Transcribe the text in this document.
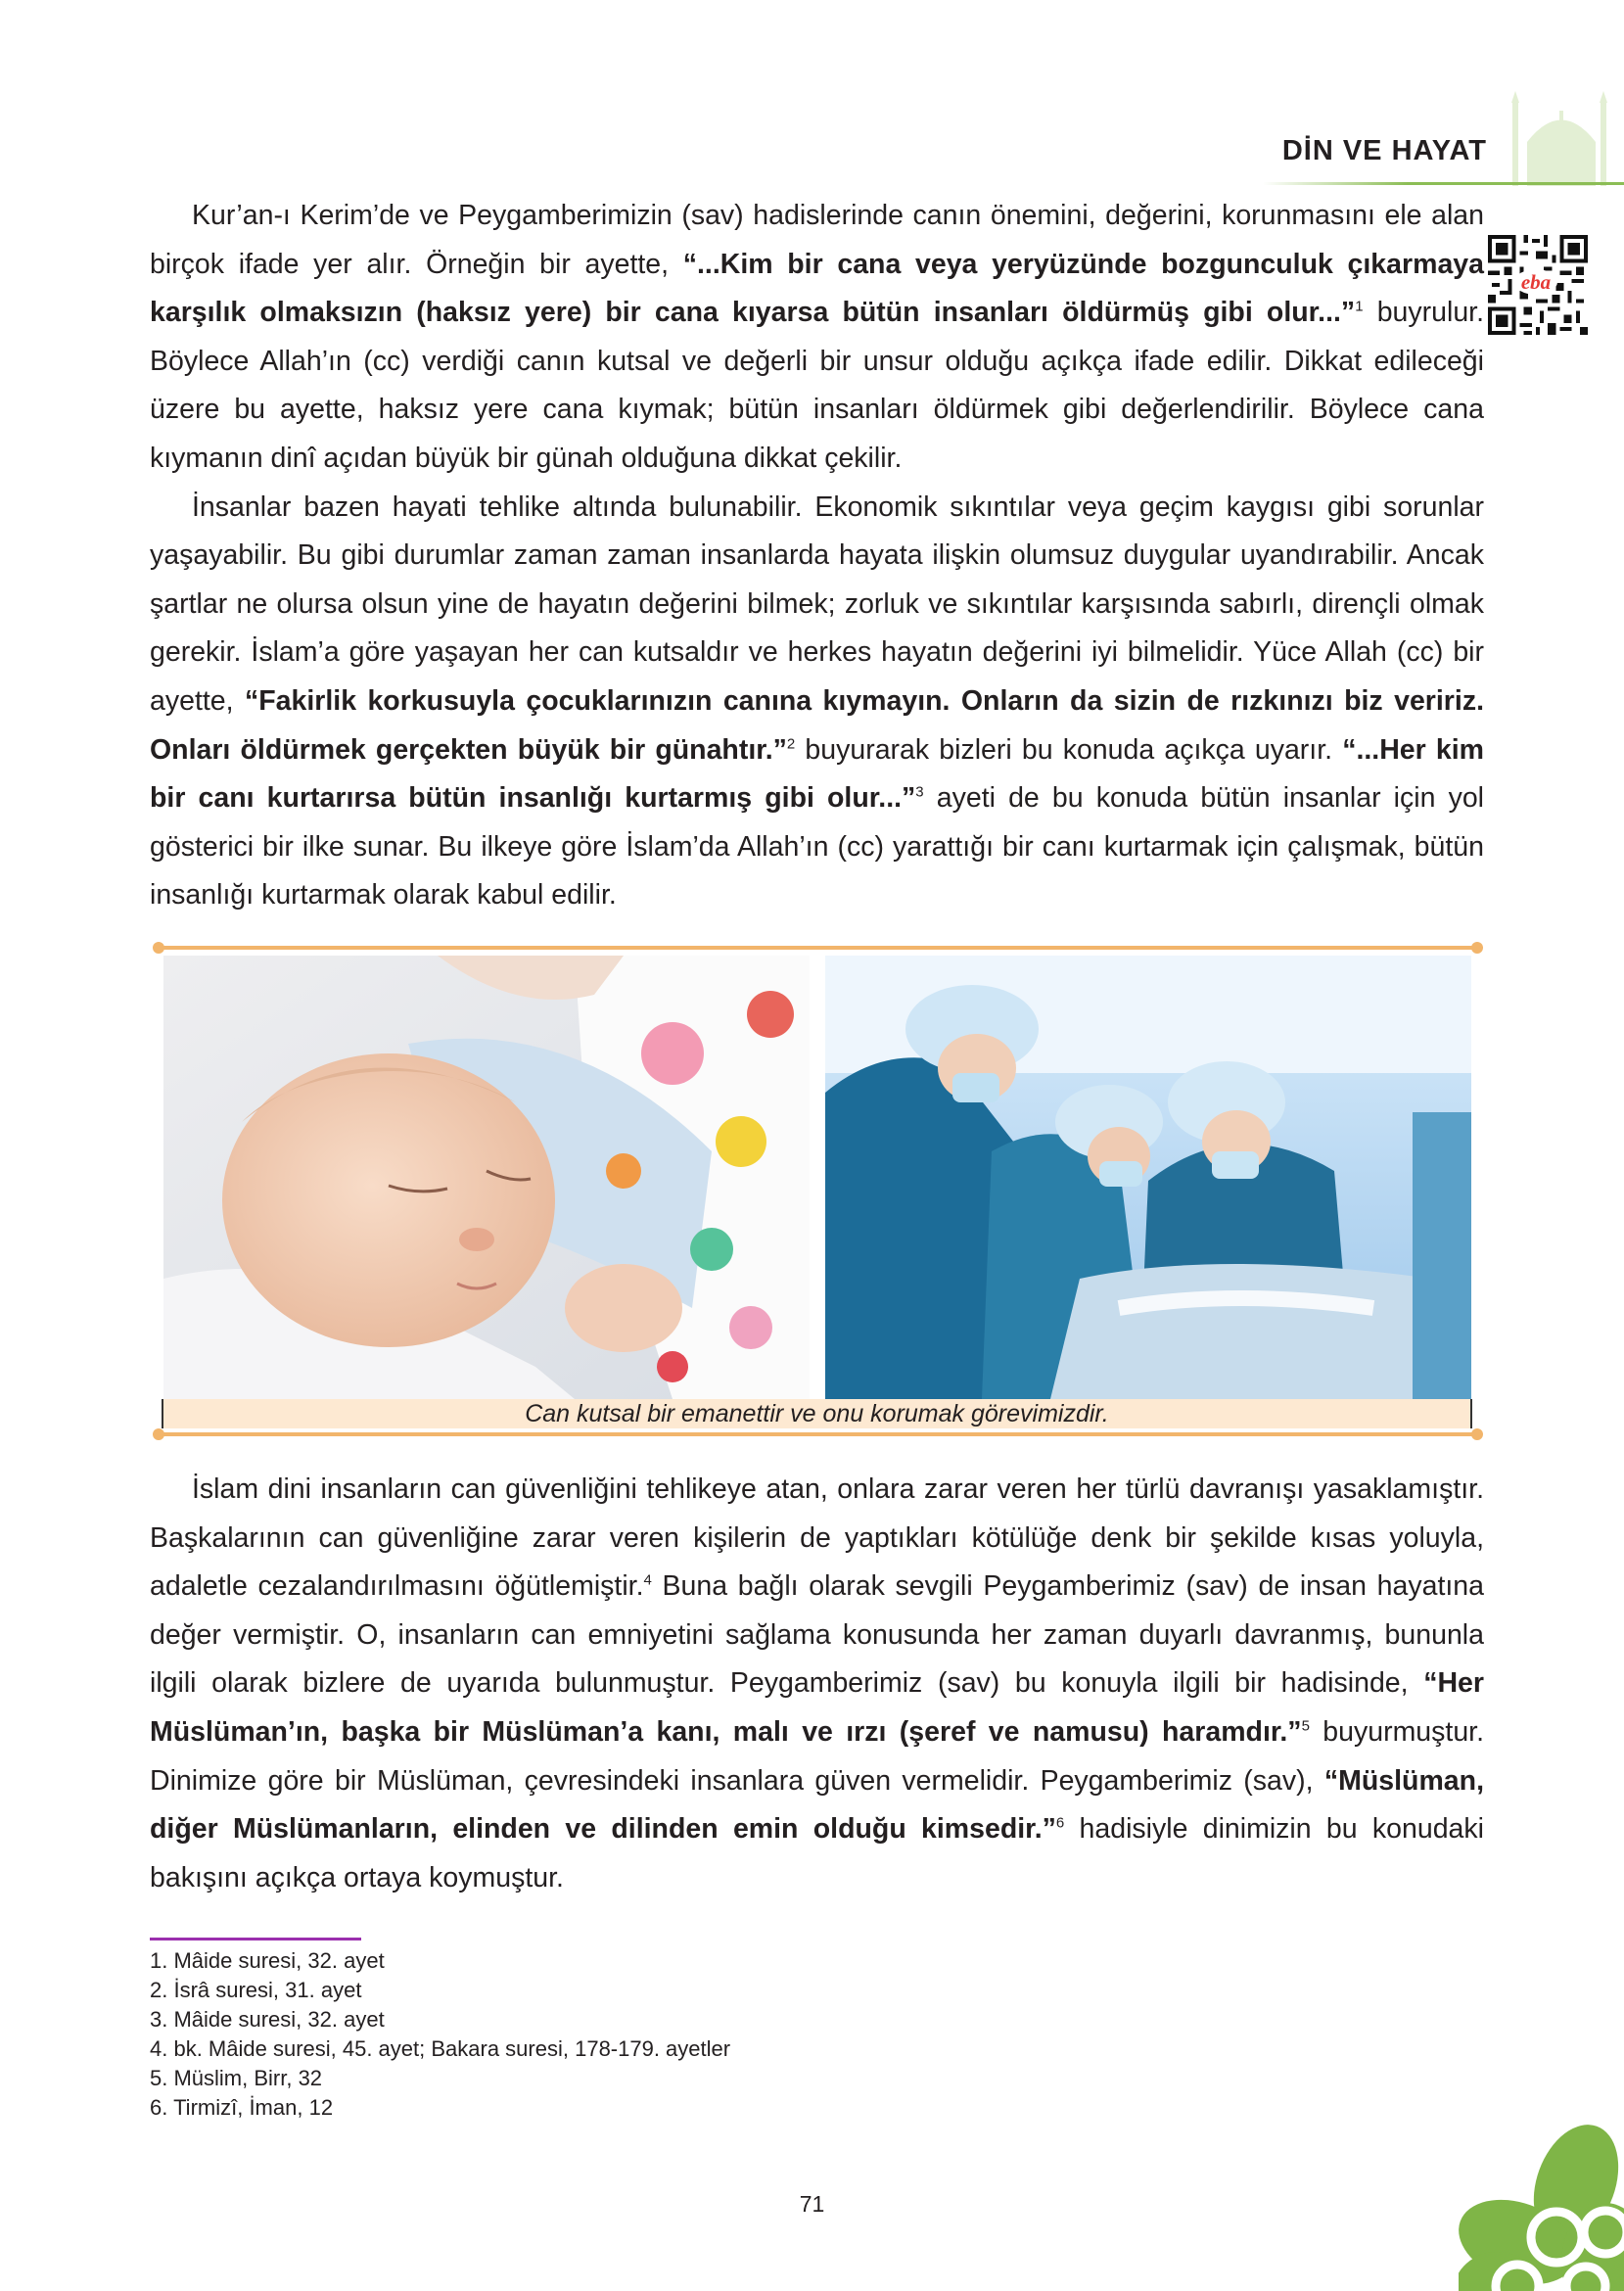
DİN VE HAYAT
eba

Kur’an-ı Kerim’de ve Peygamberimizin (sav) hadislerinde canın önemini, değerini, korunmasını ele alan birçok ifade yer alır. Örneğin bir ayette, “...Kim bir cana veya yeryüzünde bozgunculuk çıkarmaya karşılık olmaksızın (haksız yere) bir cana kıyarsa bütün insanları öldürmüş gibi olur...”$^1$ buyrulur. Böylece Allah’ın (cc) verdiği canın kutsal ve değerli bir unsur olduğu açıkça ifade edilir. Dikkat edileceği üzere bu ayette, haksız yere cana kıymak; bütün insanları öldürmek gibi değerlendirilir. Böylece cana kıymanın dinî açıdan büyük bir günah olduğuna dikkat çekilir.

İnsanlar bazen hayati tehlike altında bulunabilir. Ekonomik sıkıntılar veya geçim kaygısı gibi sorunlar yaşayabilir. Bu gibi durumlar zaman zaman insanlarda hayata ilişkin olumsuz duygular uyandırabilir. Ancak şartlar ne olursa olsun yine de hayatın değerini bilmek; zorluk ve sıkıntılar karşısında sabırlı, dirençli olmak gerekir. İslam’a göre yaşayan her can kutsaldır ve herkes hayatın değerini iyi bilmelidir. Yüce Allah (cc) bir ayette, “Fakirlik korkusuyla çocuklarınızın canına kıymayın. Onların da sizin de rızkınızı biz veririz. Onları öldürmek gerçekten büyük bir günahtır.”$^2$ buyurarak bizleri bu konuda açıkça uyarır. “...Her kim bir canı kurtarırsa bütün insanlığı kurtarmış gibi olur...”$^3$ ayeti de bu konuda bütün insanlar için yol gösterici bir ilke sunar. Bu ilkeye göre İslam’da Allah’ın (cc) yarattığı bir canı kurtarmak için çalışmak, bütün insanlığı kurtarmak olarak kabul edilir.

Can kutsal bir emanettir ve onu korumak görevimizdir.

İslam dini insanların can güvenliğini tehlikeye atan, onlara zarar veren her türlü davranışı yasaklamıştır. Başkalarının can güvenliğine zarar veren kişilerin de yaptıkları kötülüğe denk bir şekilde kısas yoluyla, adaletle cezalandırılmasını öğütlemiştir.$^4$ Buna bağlı olarak sevgili Peygamberimiz (sav) de insan hayatına değer vermiştir. O, insanların can emniyetini sağlama konusunda her zaman duyarlı davranmış, bununla ilgili olarak bizlere de uyarıda bulunmuştur. Peygamberimiz (sav) bu konuyla ilgili bir hadisinde, “Her Müslüman’ın, başka bir Müslüman’a kanı, malı ve ırzı (şeref ve namusu) haramdır.”$^5$ buyurmuştur. Dinimize göre bir Müslüman, çevresindeki insanlara güven vermelidir. Peygamberimiz (sav), “Müslüman, diğer Müslümanların, elinden ve dilinden emin olduğu kimsedir.”$^6$ hadisiyle dinimizin bu konudaki bakışını açıkça ortaya koymuştur.

1. Mâide suresi, 32. ayet
2. İsrâ suresi, 31. ayet
3. Mâide suresi, 32. ayet
4. bk. Mâide suresi, 45. ayet; Bakara suresi, 178-179. ayetler
5. Müslim, Birr, 32
6. Tirmizî, İman, 12
71
